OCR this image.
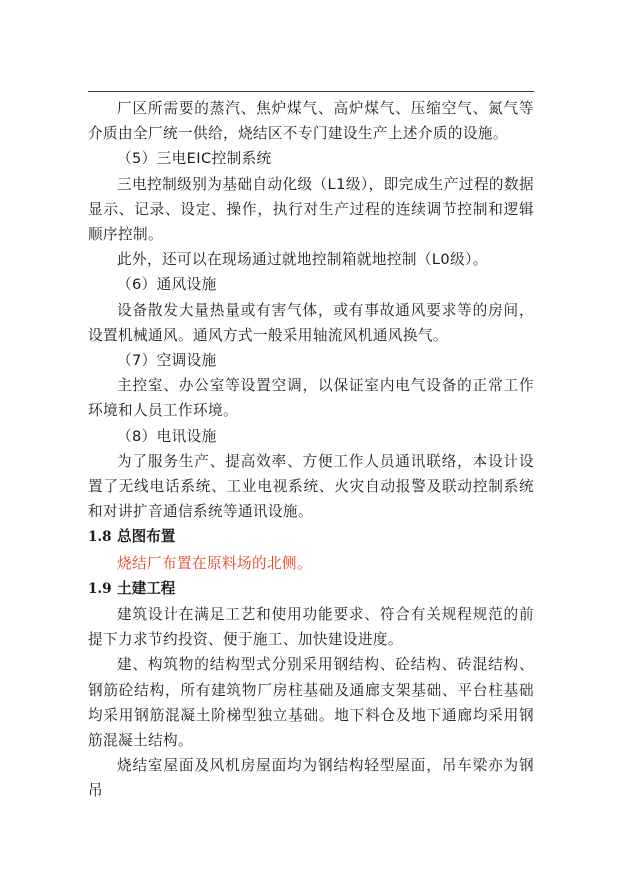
厂区所需要的蒸汽、焦炉煤气、高炉煤气、压缩空气、氮气等介质由全厂统一供给，烧结区不专门建设生产上述介质的设施。

（5）三电EIC控制系统

三电控制级别为基础自动化级（L1级），即完成生产过程的数据显示、记录、设定、操作，执行对生产过程的连续调节控制和逻辑顺序控制。

此外，还可以在现场通过就地控制箱就地控制（L0级）。

（6）通风设施

设备散发大量热量或有害气体，或有事故通风要求等的房间，设置机械通风。通风方式一般采用轴流风机通风换气。

（7）空调设施

主控室、办公室等设置空调，以保证室内电气设备的正常工作环境和人员工作环境。

（8）电讯设施

为了服务生产、提高效率、方便工作人员通讯联络，本设计设置了无线电话系统、工业电视系统、火灾自动报警及联动控制系统和对讲扩音通信系统等通讯设施。

1.8 总图布置

烧结厂布置在原料场的北侧。

1.9 土建工程

建筑设计在满足工艺和使用功能要求、符合有关规程规范的前提下力求节约投资、便于施工、加快建设进度。

建、构筑物的结构型式分别采用钢结构、砼结构、砖混结构、钢筋砼结构，所有建筑物厂房柱基础及通廊支架基础、平台柱基础均采用钢筋混凝土阶梯型独立基础。地下料仓及地下通廊均采用钢筋混凝土结构。

烧结室屋面及风机房屋面均为钢结构轻型屋面，吊车梁亦为钢吊
